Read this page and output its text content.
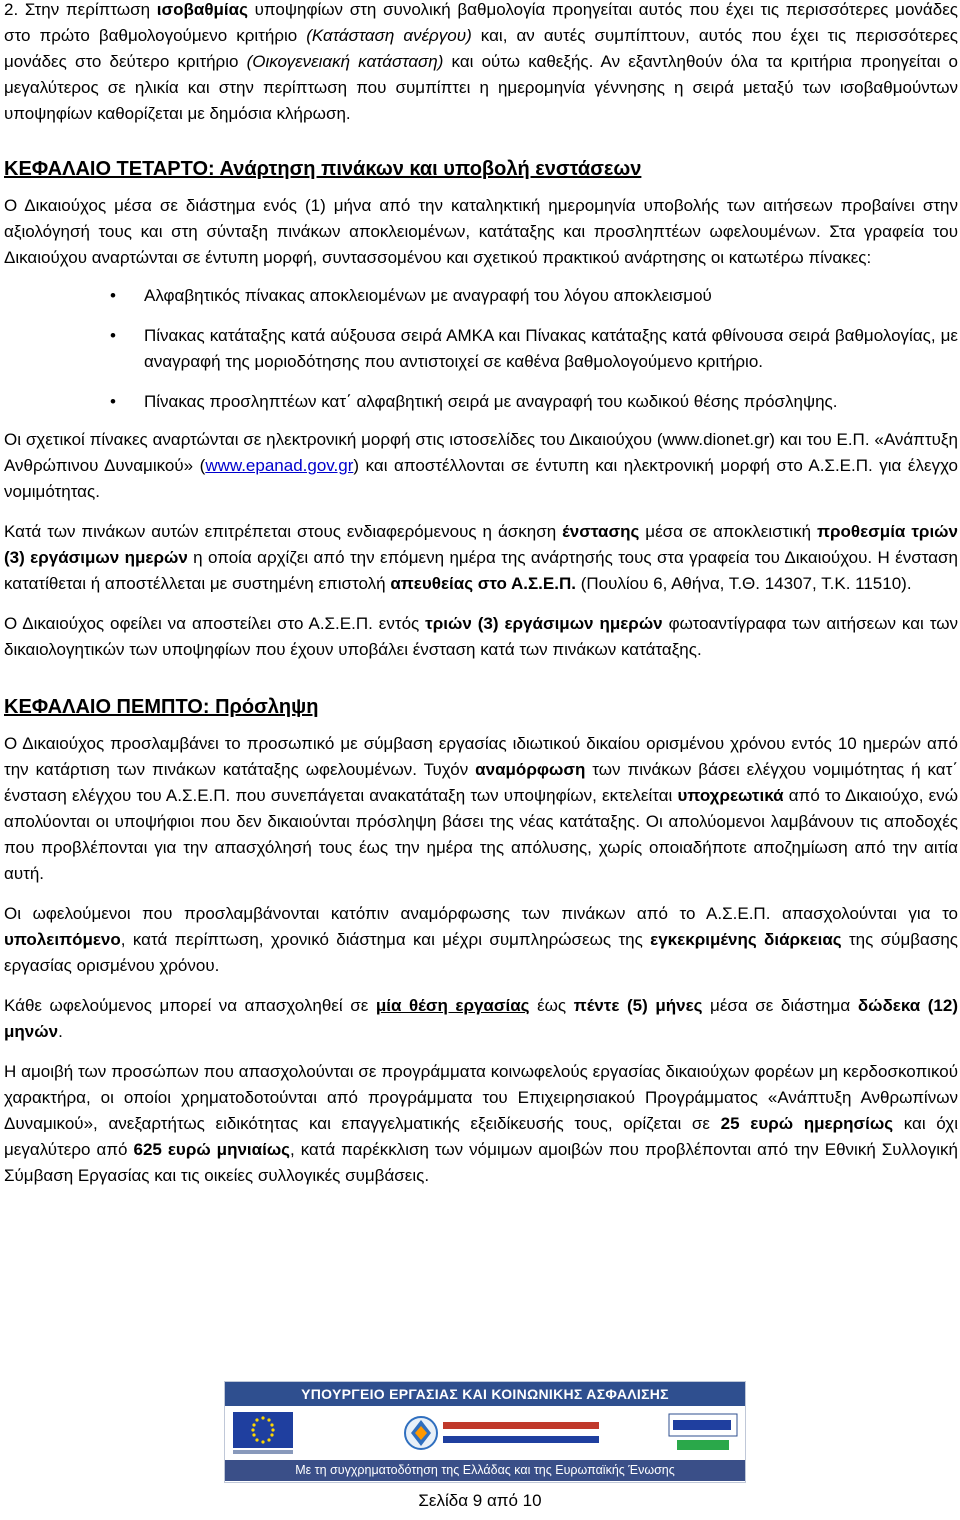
2. Στην περίπτωση ισοβαθμίας υποψηφίων στη συνολική βαθμολογία προηγείται αυτός που έχει τις περισσότερες μονάδες στο πρώτο βαθμολογούμενο κριτήριο (Κατάσταση ανέργου) και, αν αυτές συμπίπτουν, αυτός που έχει τις περισσότερες μονάδες στο δεύτερο κριτήριο (Οικογενειακή κατάσταση) και ούτω καθεξής. Αν εξαντληθούν όλα τα κριτήρια προηγείται ο μεγαλύτερος σε ηλικία και στην περίπτωση που συμπίπτει η ημερομηνία γέννησης η σειρά μεταξύ των ισοβαθμούντων υποψηφίων καθορίζεται με δημόσια κλήρωση.

ΚΕΦΑΛΑΙΟ ΤΕΤΑΡΤΟ: Ανάρτηση πινάκων και υποβολή ενστάσεων

Ο Δικαιούχος μέσα σε διάστημα ενός (1) μήνα από την καταληκτική ημερομηνία υποβολής των αιτήσεων προβαίνει στην αξιολόγησή τους και στη σύνταξη πινάκων αποκλειομένων, κατάταξης και προσληπτέων ωφελουμένων. Στα γραφεία του Δικαιούχου αναρτώνται σε έντυπη μορφή, συντασσομένου και σχετικού πρακτικού ανάρτησης οι κατωτέρω πίνακες:

• Αλφαβητικός πίνακας αποκλειομένων με αναγραφή του λόγου αποκλεισμού
• Πίνακας κατάταξης κατά αύξουσα σειρά ΑΜΚΑ και Πίνακας κατάταξης κατά φθίνουσα σειρά βαθμολογίας, με αναγραφή της μοριοδότησης που αντιστοιχεί σε καθένα βαθμολογούμενο κριτήριο.
• Πίνακας προσληπτέων κατ΄ αλφαβητική σειρά με αναγραφή του κωδικού θέσης πρόσληψης.

Οι σχετικοί πίνακες αναρτώνται σε ηλεκτρονική μορφή στις ιστοσελίδες του Δικαιούχου (www.dionet.gr) και του Ε.Π. «Ανάπτυξη Ανθρώπινου Δυναμικού» (www.epanad.gov.gr) και αποστέλλονται σε έντυπη και ηλεκτρονική μορφή στο Α.Σ.Ε.Π. για έλεγχο νομιμότητας.

Κατά των πινάκων αυτών επιτρέπεται στους ενδιαφερόμενους η άσκηση ένστασης μέσα σε αποκλειστική προθεσμία τριών (3) εργάσιμων ημερών η οποία αρχίζει από την επόμενη ημέρα της ανάρτησής τους στα γραφεία του Δικαιούχου. Η ένσταση κατατίθεται ή αποστέλλεται με συστημένη επιστολή απευθείας στο Α.Σ.Ε.Π. (Πουλίου 6, Αθήνα, Τ.Θ. 14307, Τ.Κ. 11510).

Ο Δικαιούχος οφείλει να αποστείλει στο Α.Σ.Ε.Π. εντός τριών (3) εργάσιμων ημερών φωτοαντίγραφα των αιτήσεων και των δικαιολογητικών των υποψηφίων που έχουν υποβάλει ένσταση κατά των πινάκων κατάταξης.

ΚΕΦΑΛΑΙΟ ΠΕΜΠΤΟ: Πρόσληψη

Ο Δικαιούχος προσλαμβάνει το προσωπικό με σύμβαση εργασίας ιδιωτικού δικαίου ορισμένου χρόνου εντός 10 ημερών από την κατάρτιση των πινάκων κατάταξης ωφελουμένων. Τυχόν αναμόρφωση των πινάκων βάσει ελέγχου νομιμότητας ή κατ΄ ένσταση ελέγχου του Α.Σ.Ε.Π. που συνεπάγεται ανακατάταξη των υποψηφίων, εκτελείται υποχρεωτικά από το Δικαιούχο, ενώ απολύονται οι υποψήφιοι που δεν δικαιούνται πρόσληψη βάσει της νέας κατάταξης. Οι απολύομενοι λαμβάνουν τις αποδοχές που προβλέπονται για την απασχόλησή τους έως την ημέρα της απόλυσης, χωρίς οποιαδήποτε αποζημίωση από την αιτία αυτή.

Οι ωφελούμενοι που προσλαμβάνονται κατόπιν αναμόρφωσης των πινάκων από το Α.Σ.Ε.Π. απασχολούνται για το υπολειπόμενο, κατά περίπτωση, χρονικό διάστημα και μέχρι συμπληρώσεως της εγκεκριμένης διάρκειας της σύμβασης εργασίας ορισμένου χρόνου.

Κάθε ωφελούμενος μπορεί να απασχοληθεί σε μία θέση εργασίας έως πέντε (5) μήνες μέσα σε διάστημα δώδεκα (12) μηνών.

Η αμοιβή των προσώπων που απασχολούνται σε προγράμματα κοινωφελούς εργασίας δικαιούχων φορέων μη κερδοσκοπικού χαρακτήρα, οι οποίοι χρηματοδοτούνται από προγράμματα του Επιχειρησιακού Προγράμματος «Ανάπτυξη Ανθρωπίνων Δυναμικού», ανεξαρτήτως ειδικότητας και επαγγελματικής εξειδίκευσής τους, ορίζεται σε 25 ευρώ ημερησίως και όχι μεγαλύτερο από 625 ευρώ μηνιαίως, κατά παρέκκλιση των νόμιμων αμοιβών που προβλέπονται από την Εθνική Συλλογική Σύμβαση Εργασίας και τις οικείες συλλογικές συμβάσεις.

ΥΠΟΥΡΓΕΙΟ ΕΡΓΑΣΙΑΣ ΚΑΙ ΚΟΙΝΩΝΙΚΗΣ ΑΣΦΑΛΙΣΗΣ
Με τη συγχρηματοδότηση της Ελλάδας και της Ευρωπαϊκής Ένωσης
Σελίδα 9 από 10
